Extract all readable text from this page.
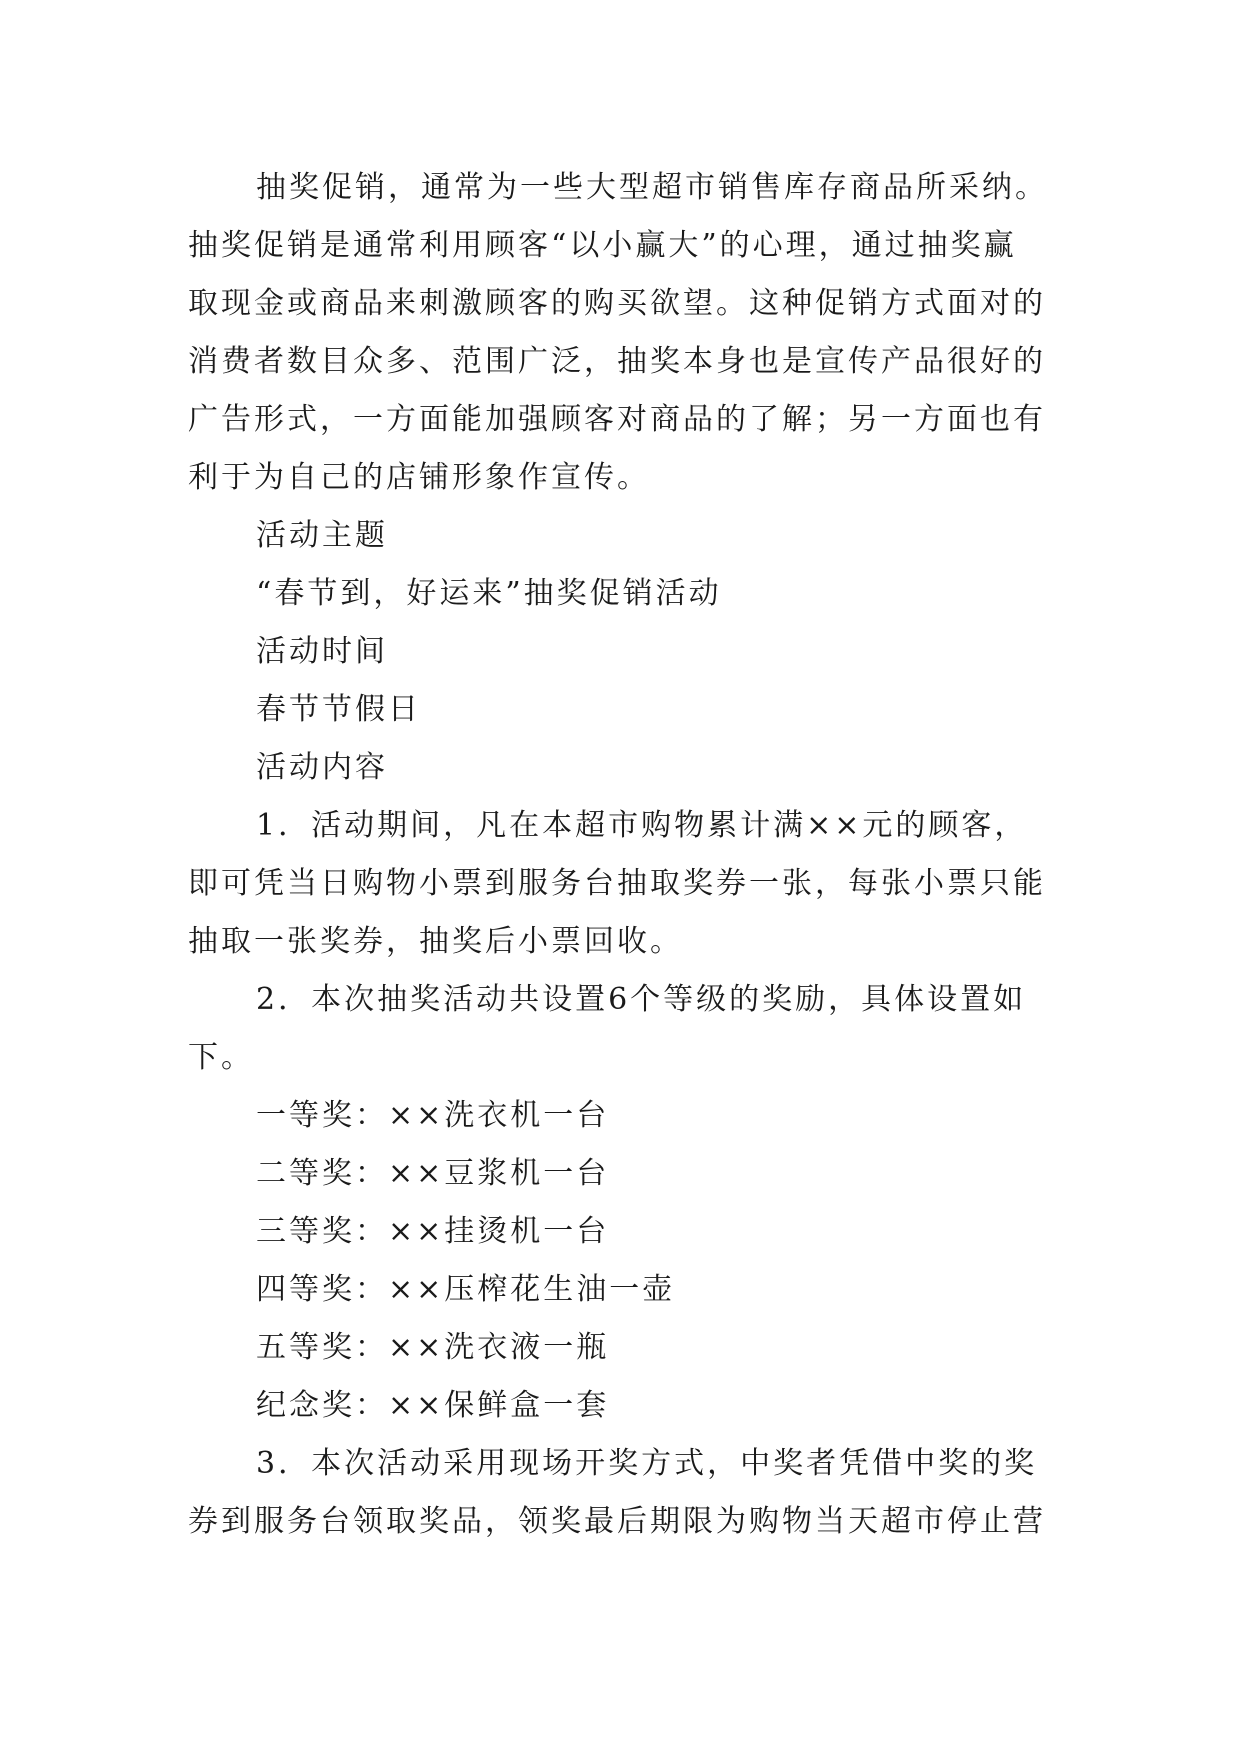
抽奖促销，通常为一些大型超市销售库存商品所采纳。
抽奖促销是通常利用顾客“以小赢大”的心理，通过抽奖赢
取现金或商品来刺激顾客的购买欲望。这种促销方式面对的
消费者数目众多、范围广泛，抽奖本身也是宣传产品很好的
广告形式，一方面能加强顾客对商品的了解；另一方面也有
利于为自己的店铺形象作宣传。
活动主题
“春节到，好运来”抽奖促销活动
活动时间
春节节假日
活动内容
1．活动期间，凡在本超市购物累计满××元的顾客，
即可凭当日购物小票到服务台抽取奖券一张，每张小票只能
抽取一张奖券，抽奖后小票回收。
2．本次抽奖活动共设置6个等级的奖励，具体设置如
下。
一等奖：××洗衣机一台
二等奖：××豆浆机一台
三等奖：××挂烫机一台
四等奖：××压榨花生油一壶
五等奖：××洗衣液一瓶
纪念奖：××保鲜盒一套
3．本次活动采用现场开奖方式，中奖者凭借中奖的奖
券到服务台领取奖品，领奖最后期限为购物当天超市停止营
